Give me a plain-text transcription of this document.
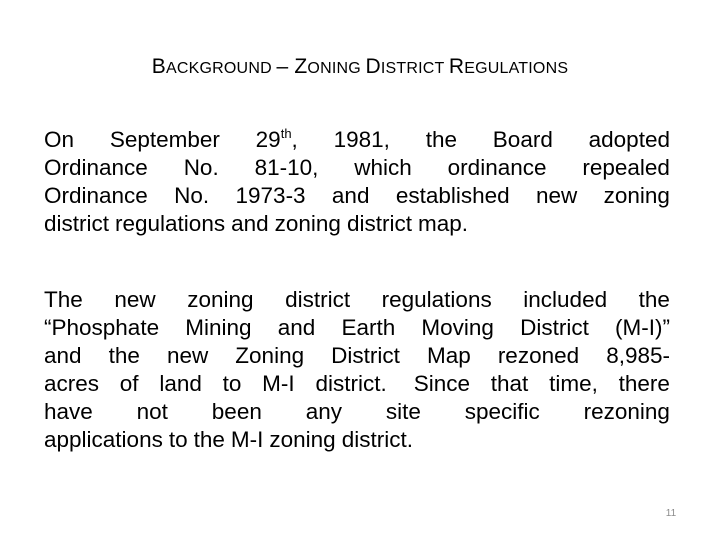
BACKGROUND – ZONING DISTRICT REGULATIONS
On September 29th, 1981, the Board adopted
Ordinance No. 81-10, which ordinance repealed
Ordinance No. 1973-3 and established new zoning
district regulations and zoning district map.
The new zoning district regulations included the
“Phosphate Mining and Earth Moving District (M-I)”
and the new Zoning District Map rezoned 8,985-
acres of land to M-I district. Since that time, there
have not been any site specific rezoning
applications to the M-I zoning district.
11
